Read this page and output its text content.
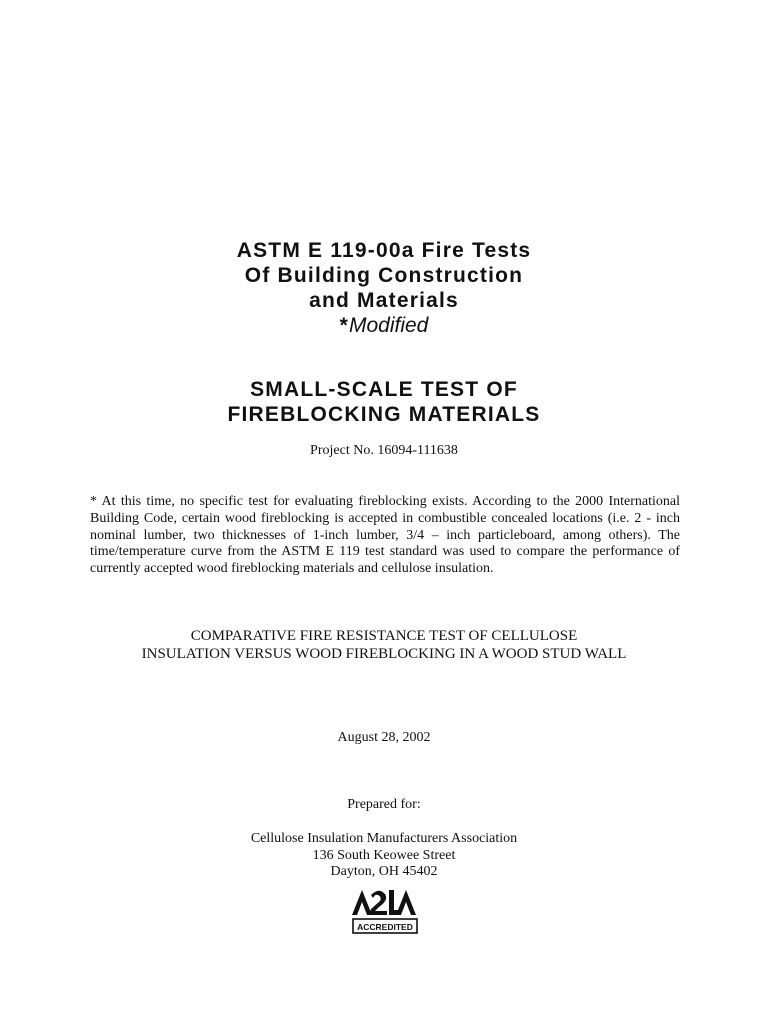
ASTM E 119-00a Fire Tests
Of Building Construction
and Materials
*Modified
SMALL-SCALE TEST OF
FIREBLOCKING MATERIALS
Project No. 16094-111638
* At this time, no specific test for evaluating fireblocking exists. According to the 2000 International Building Code, certain wood fireblocking is accepted in combustible concealed locations (i.e. 2 - inch nominal lumber, two thicknesses of 1-inch lumber, 3/4 – inch particleboard, among others). The time/temperature curve from the ASTM E 119 test standard was used to compare the performance of currently accepted wood fireblocking materials and cellulose insulation.
COMPARATIVE FIRE RESISTANCE TEST OF CELLULOSE
INSULATION VERSUS WOOD FIREBLOCKING IN A WOOD STUD WALL
August 28, 2002
Prepared for:
Cellulose Insulation Manufacturers Association
136 South Keowee Street
Dayton, OH 45402
ACCREDITED
